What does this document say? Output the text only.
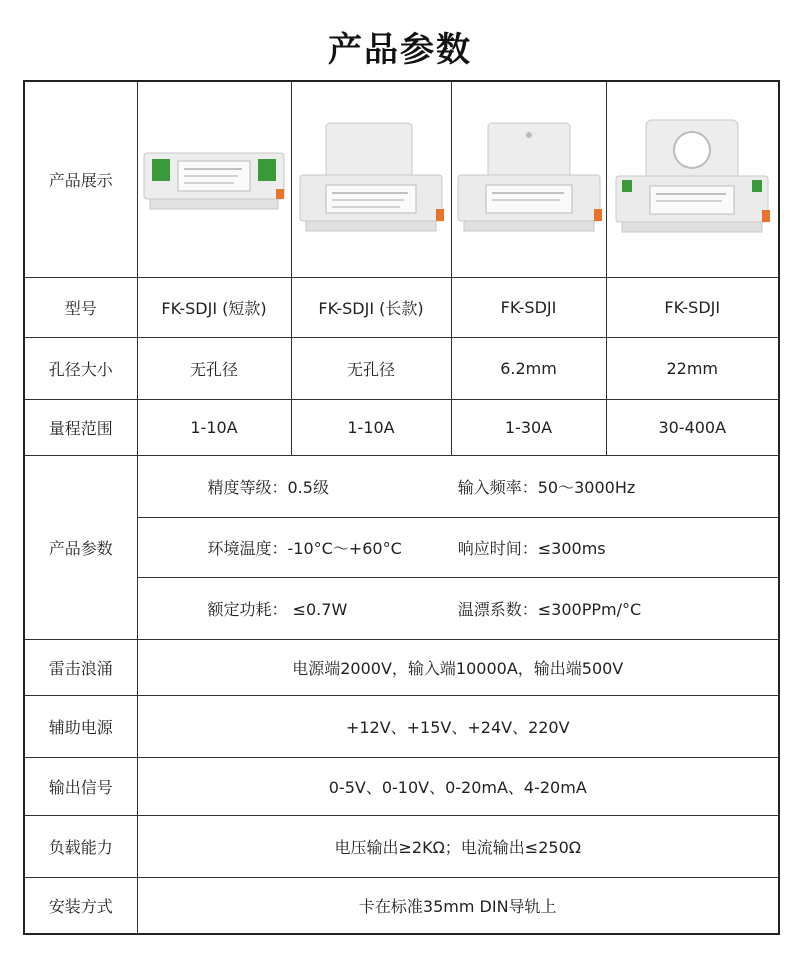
产品参数
产品展示	

型号	FK-SDJI (短款)	FK-SDJI (长款)	FK-SDJI	FK-SDJI
孔径大小	无孔径	无孔径	6.2mm	22mm
量程范围	1-10A	1-10A	1-30A	30-400A
产品参数	精度等级：0.5级 输入频率：50～3000Hz			

	环境温度：-10°C～+60°C 响应时间：≤300ms			

	额定功耗： ≤0.7W 温漂系数：≤300PPm/°C			

雷击浪涌	电源端2000V，输入端10000A，输出端500V			
辅助电源	+12V、+15V、+24V、220V			
输出信号	0-5V、0-10V、0-20mA、4-20mA			
负载能力	电压输出≥2KΩ；电流输出≤250Ω			
安装方式	卡在标准35mm DIN导轨上			
